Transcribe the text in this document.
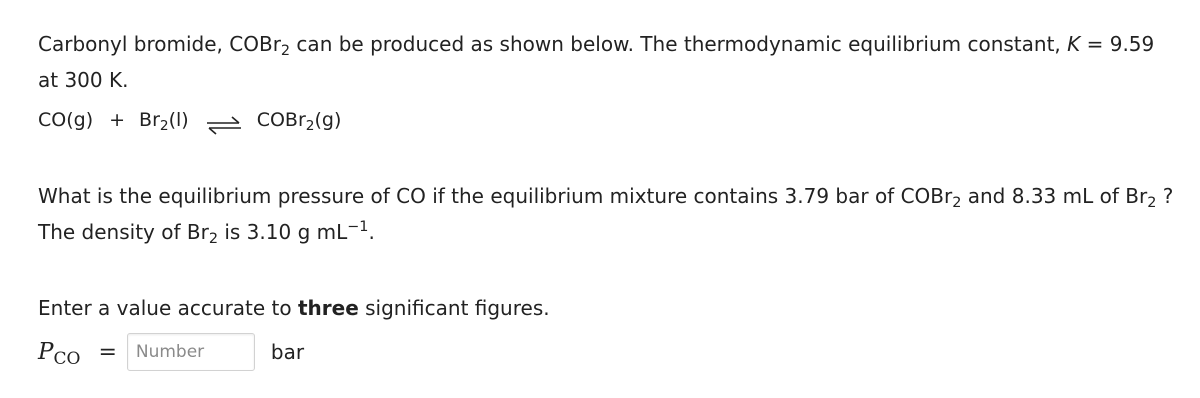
Carbonyl bromide, COBr$_2$ can be produced as shown below. The thermodynamic equilibrium constant, K = 9.59 at 300 K.

$CO(g) + Br_2(l)$ ⇌ COBr$_2$(g)

What is the equilibrium pressure of CO if the equilibrium mixture contains 3.79 bar of COBr$_2$ and 8.33 mL of $Br_2$ ? The density of $Br_2$ is 3.10 g $mL^{-1}$.

Enter a value accurate to three significant figures.

$P_{CO}$ =
Number	bar
